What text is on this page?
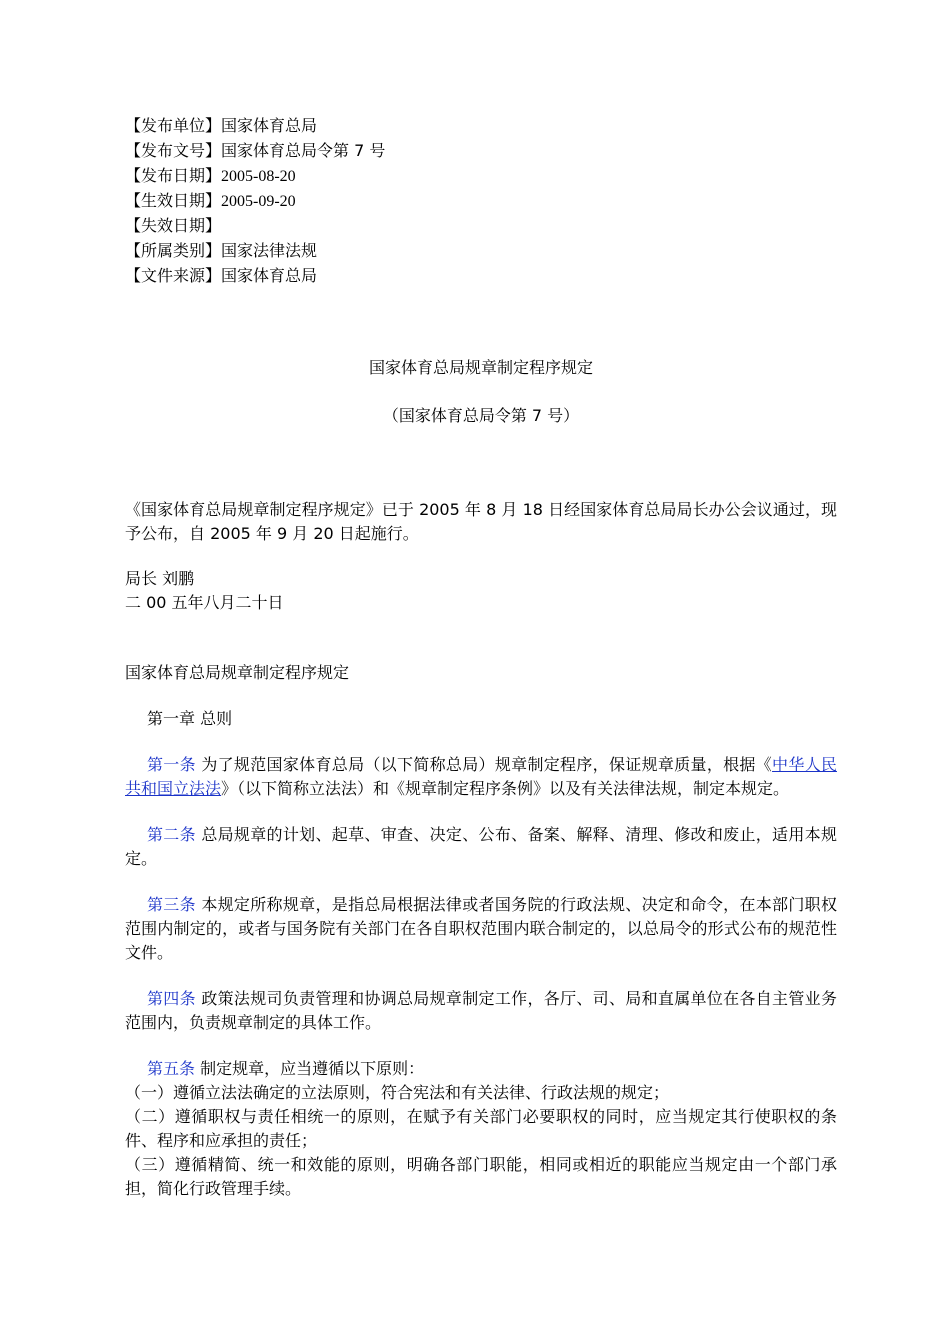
【发布单位】国家体育总局
【发布文号】国家体育总局令第 7 号
【发布日期】2005-08-20
【生效日期】2005-09-20
【失效日期】
【所属类别】国家法律法规
【文件来源】国家体育总局
国家体育总局规章制定程序规定
（国家体育总局令第 7 号）

《国家体育总局规章制定程序规定》已于 2005 年 8 月 18 日经国家体育总局局长办公会议通过，现予公布，自 2005 年 9 月 20 日起施行。

局长 刘鹏
二 00 五年八月二十日
国家体育总局规章制定程序规定
第一章 总则

第一条 为了规范国家体育总局（以下简称总局）规章制定程序，保证规章质量，根据《中华人民共和国立法法》（以下简称立法法）和《规章制定程序条例》以及有关法律法规，制定本规定。

第二条 总局规章的计划、起草、审查、决定、公布、备案、解释、清理、修改和废止，适用本规定。

第三条 本规定所称规章，是指总局根据法律或者国务院的行政法规、决定和命令，在本部门职权范围内制定的，或者与国务院有关部门在各自职权范围内联合制定的，以总局令的形式公布的规范性文件。

第四条 政策法规司负责管理和协调总局规章制定工作，各厅、司、局和直属单位在各自主管业务范围内，负责规章制定的具体工作。

第五条 制定规章，应当遵循以下原则：

（一）遵循立法法确定的立法原则，符合宪法和有关法律、行政法规的规定；

（二）遵循职权与责任相统一的原则，在赋予有关部门必要职权的同时，应当规定其行使职权的条件、程序和应承担的责任；

（三）遵循精简、统一和效能的原则，明确各部门职能，相同或相近的职能应当规定由一个部门承担，简化行政管理手续。
